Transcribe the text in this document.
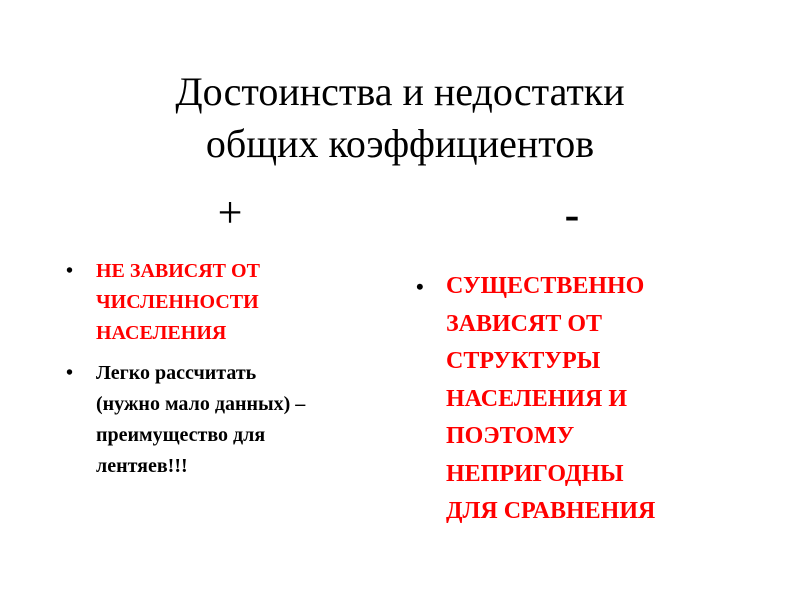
Достоинства и недостатки
общих коэффициентов
+	-
• НЕ ЗАВИСЯТ ОТ
ЧИСЛЕННОСТИ
НАСЕЛЕНИЯ
• Легко рассчитать
(нужно мало данных) –
преимущество для
лентяев!!!
• СУЩЕСТВЕННО
ЗАВИСЯТ ОТ
СТРУКТУРЫ
НАСЕЛЕНИЯ И
ПОЭТОМУ
НЕПРИГОДНЫ
ДЛЯ СРАВНЕНИЯ
